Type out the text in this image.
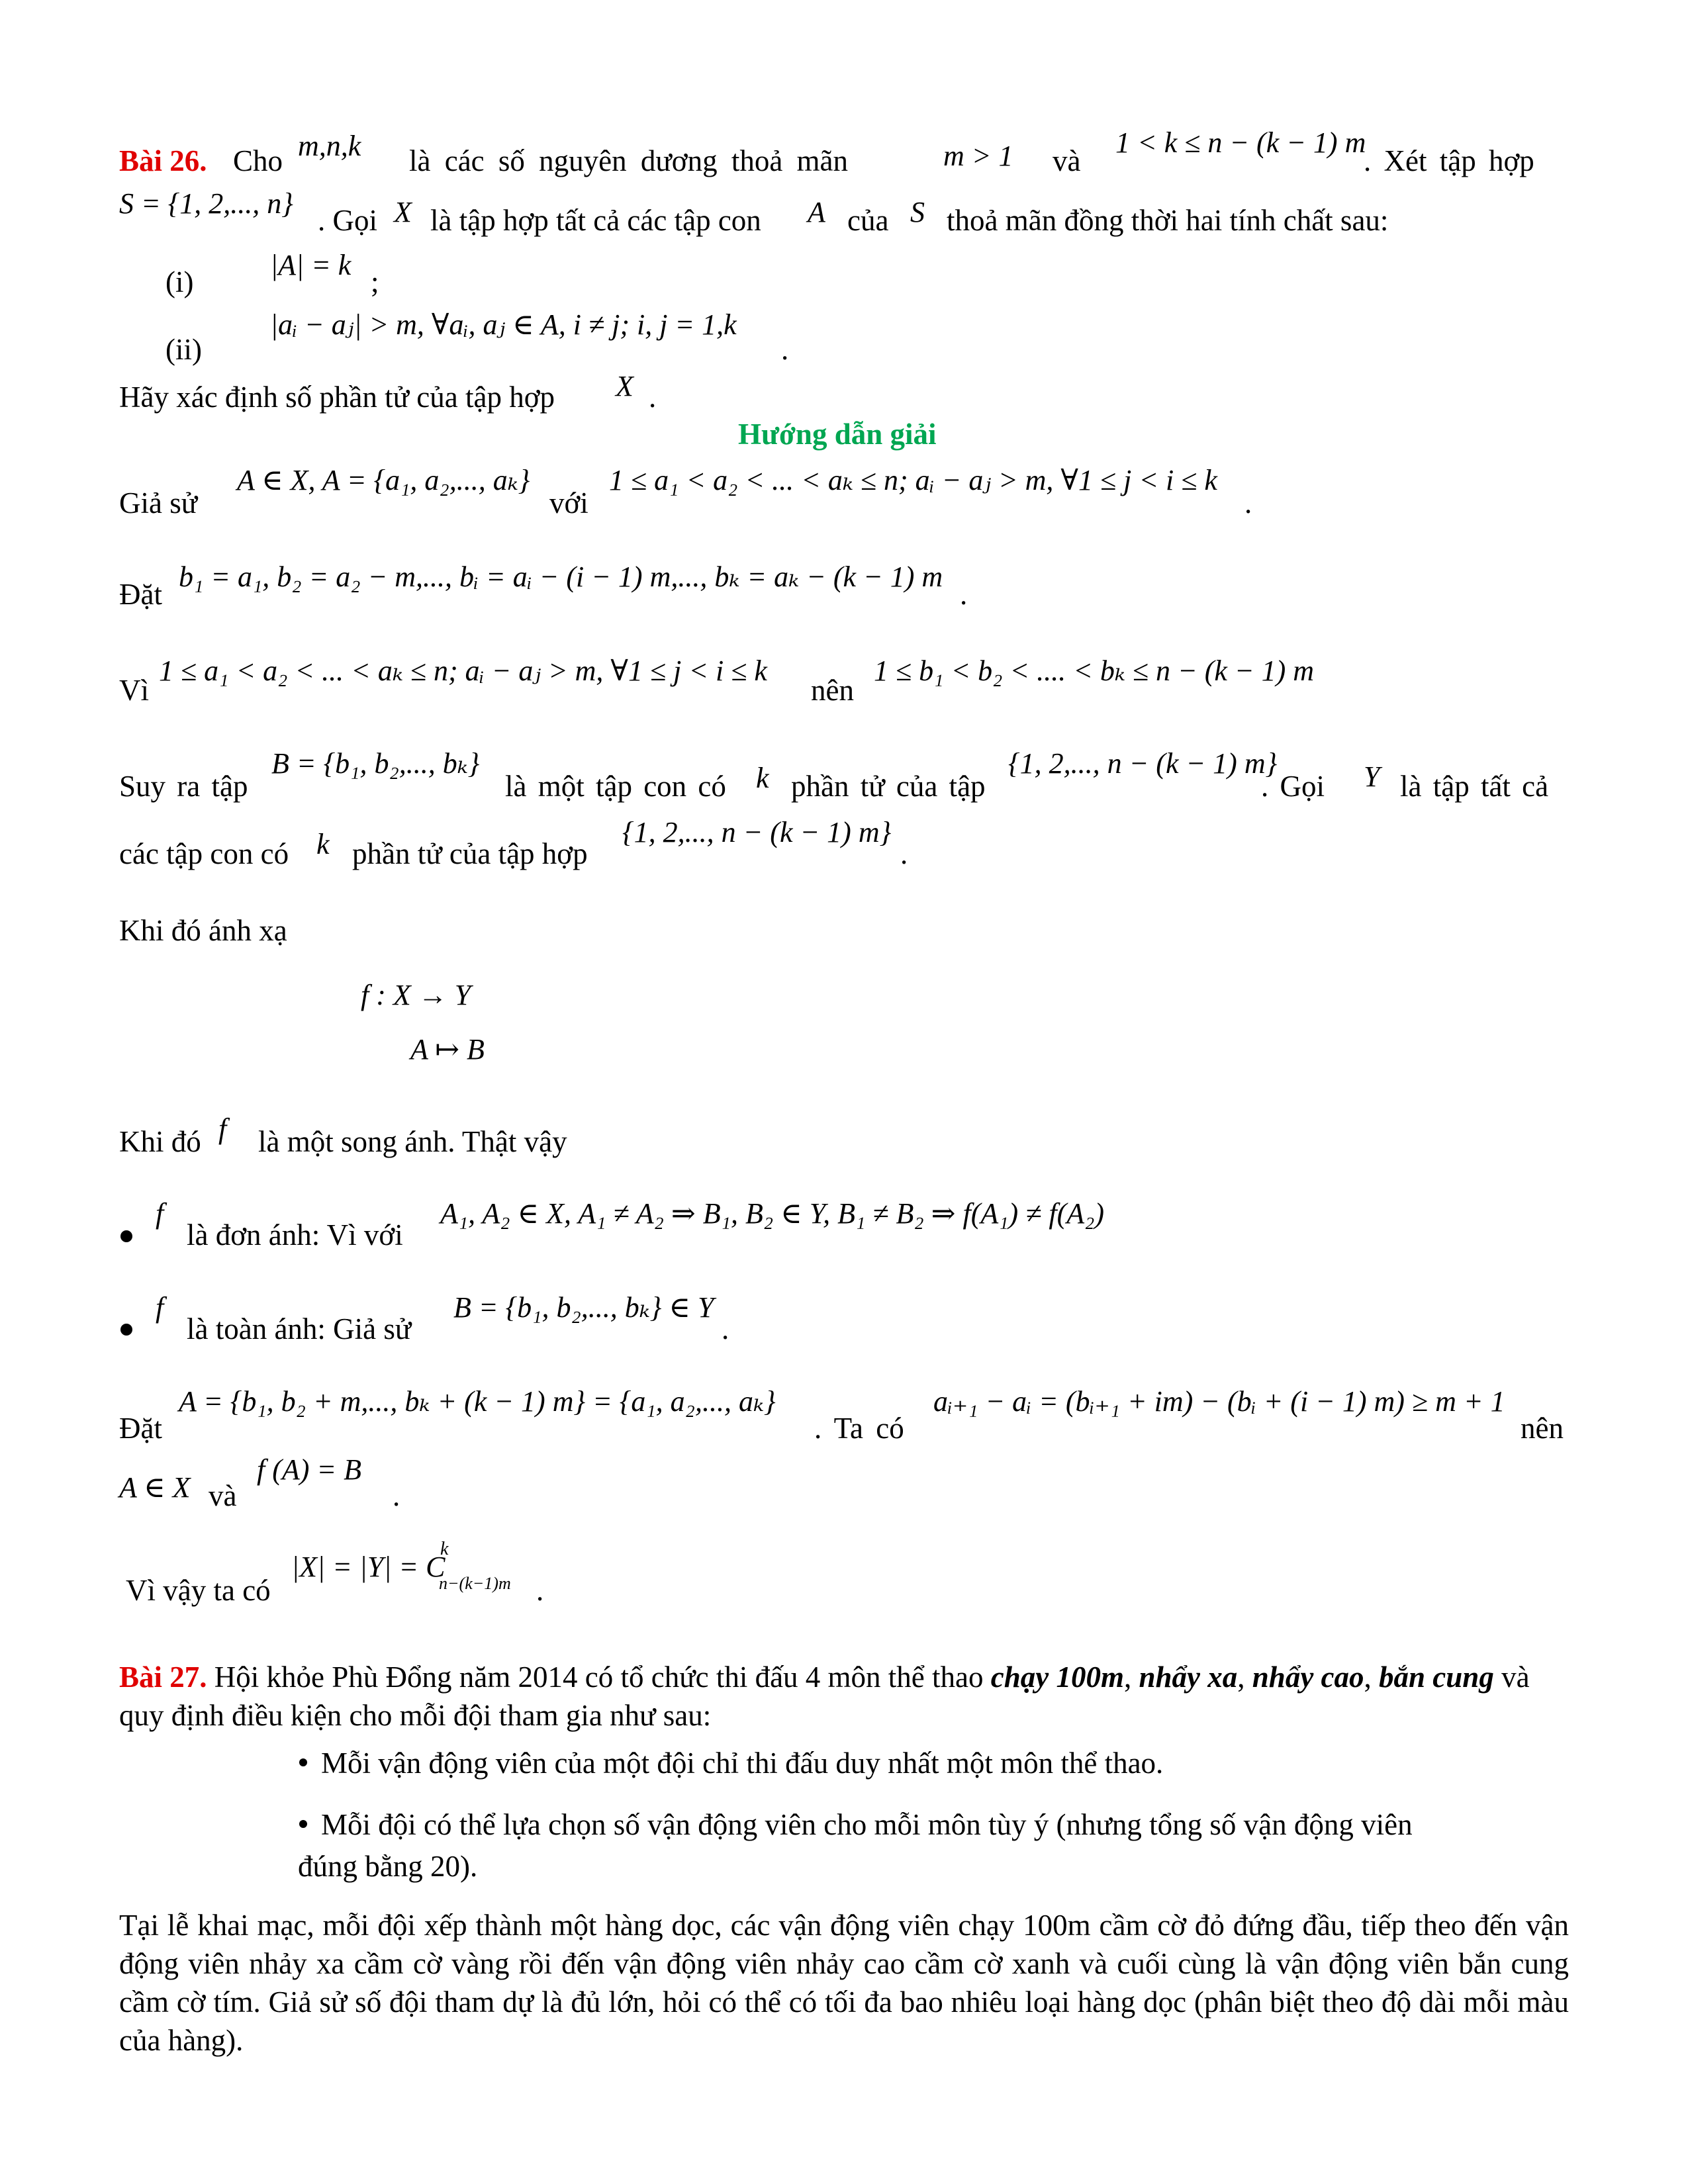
Bài 26. Cho m,n,k là các số nguyên dương thoả mãn	m > 1 và
1 < k ≤ n − (k − 1) m
. Xét tập hợp
S = {1, 2,..., n}
. Gọi X là tập hợp tất cả các tập con A của S thoả mãn đồng thời hai tính chất sau:
(i)
|A| = k
;
(ii)
|aᵢ − aⱼ| > m, ∀aᵢ, aⱼ ∈ A, i ≠ j; i, j = 1,k
.
Hãy xác định số phần tử của tập hợp X .
Hướng dẫn giải
Giả sử
A ∈ X, A = {a₁, a₂,..., aₖ}
với
1 ≤ a₁ < a₂ < ... < aₖ ≤ n; aᵢ − aⱼ > m, ∀1 ≤ j < i ≤ k
.
Đặt
b₁ = a₁, b₂ = a₂ − m,..., bᵢ = aᵢ − (i − 1) m,..., bₖ = aₖ − (k − 1) m
.
Vì
1 ≤ a₁ < a₂ < ... < aₖ ≤ n; aᵢ − aⱼ > m, ∀1 ≤ j < i ≤ k
nên
1 ≤ b₁ < b₂ < .... < bₖ ≤ n − (k − 1) m
Suy ra tập
B = {b₁, b₂,..., bₖ}
là một tập con có k phần tử của tập
{1, 2,..., n − (k − 1) m}
. Gọi Y là tập tất cả
các tập con có k phần tử của tập hợp
{1, 2,..., n − (k − 1) m}
.
Khi đó ánh xạ
f : X → Y
A ↦ B
Khi đó f là một song ánh. Thật vậy
f
là đơn ánh: Vì với
A₁, A₂ ∈ X, A₁ ≠ A₂ ⇒ B₁, B₂ ∈ Y, B₁ ≠ B₂ ⇒ f(A₁) ≠ f(A₂)
f
là toàn ánh: Giả sử
B = {b₁, b₂,..., bₖ} ∈ Y
.
Đặt
A = {b₁, b₂ + m,..., bₖ + (k − 1) m} = {a₁, a₂,..., aₖ}
. Ta có
aᵢ₊₁ − aᵢ = (bᵢ₊₁ + im) − (bᵢ + (i − 1) m) ≥ m + 1
nên
A ∈ X và
f (A) = B
.
Vì vậy ta có
|X| = |Y| = C
k
n−(k−1)m .
Bài 27. Hội khỏe Phù Đổng năm 2014 có tổ chức thi đấu 4 môn thể thao chạy 100m, nhẩy xa, nhẩy cao, bắn cung và quy định điều kiện cho mỗi đội tham gia như sau:
Mỗi vận động viên của một đội chỉ thi đấu duy nhất một môn thể thao.
Mỗi đội có thể lựa chọn số vận động viên cho mỗi môn tùy ý (nhưng tổng số vận động viên
đúng bằng 20).
Tại lễ khai mạc, mỗi đội xếp thành một hàng dọc, các vận động viên chạy 100m cầm cờ đỏ đứng đầu, tiếp theo đến vận động viên nhảy xa cầm cờ vàng rồi đến vận động viên nhảy cao cầm cờ xanh và cuối cùng là vận động viên bắn cung cầm cờ tím. Giả sử số đội tham dự là đủ lớn, hỏi có thể có tối đa bao nhiêu loại hàng dọc (phân biệt theo độ dài mỗi màu của hàng).
